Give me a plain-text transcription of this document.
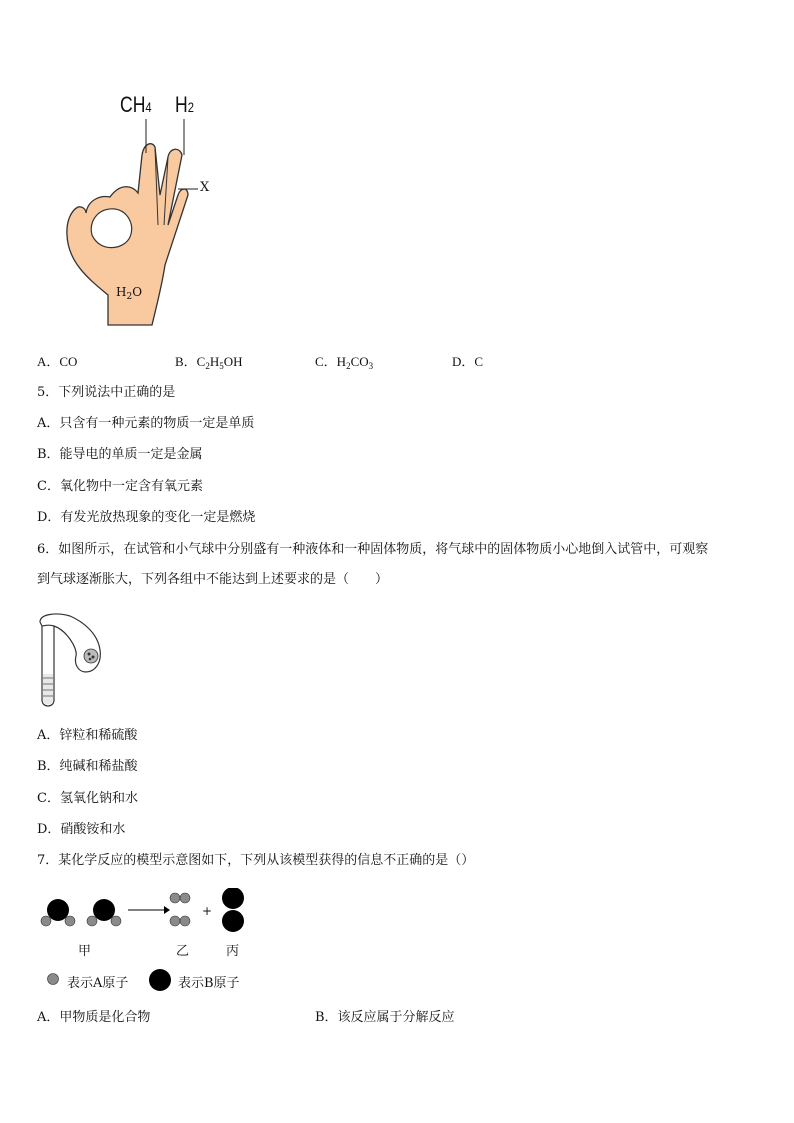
CH4 H2
X
$H_2O$
A．CO	B．$C_2H_5OH$	C．$H_2CO_3$	D．C
5．下列说法中正确的是
A．只含有一种元素的物质一定是单质
B．能导电的单质一定是金属
C．氧化物中一定含有氧元素
D．有发光放热现象的变化一定是燃烧
6．如图所示，在试管和小气球中分别盛有一种液体和一种固体物质，将气球中的固体物质小心地倒入试管中，可观察
到气球逐渐胀大，下列各组中不能达到上述要求的是（　　）
A．锌粒和稀硫酸
B．纯碱和稀盐酸
C．氢氧化钠和水
D．硝酸铵和水
7．某化学反应的模型示意图如下，下列从该模型获得的信息不正确的是（）
+
甲	乙	丙
表示A原子	表示B原子
A．甲物质是化合物	B．该反应属于分解反应
